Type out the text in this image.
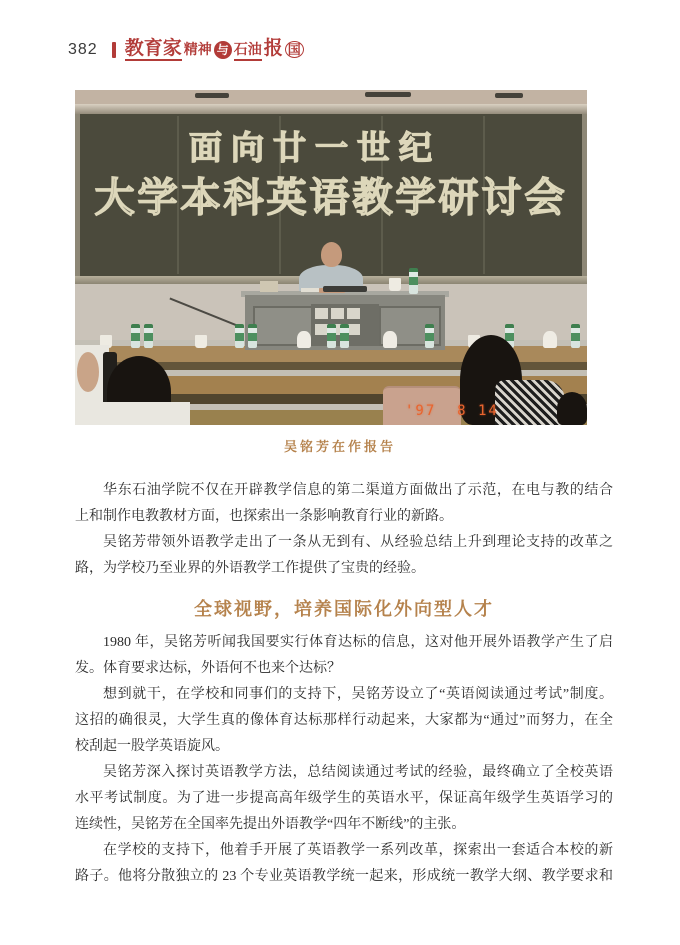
382 教育家 精神 与 石油 报 国
面向廿一世纪
大学本科英语教学研讨会
'97  8 14
吴铭芳在作报告
华东石油学院不仅在开辟教学信息的第二渠道方面做出了示范，在电与教的结合
上和制作电教教材方面，也探索出一条影响教育行业的新路。
吴铭芳带领外语教学走出了一条从无到有、从经验总结上升到理论支持的改革之
路，为学校乃至业界的外语教学工作提供了宝贵的经验。
全球视野，培养国际化外向型人才
1980 年，吴铭芳听闻我国要实行体育达标的信息，这对他开展外语教学产生了启
发。体育要求达标，外语何不也来个达标？
想到就干，在学校和同事们的支持下，吴铭芳设立了“英语阅读通过考试”制度。
这招的确很灵，大学生真的像体育达标那样行动起来，大家都为“通过”而努力，在全
校刮起一股学英语旋风。
吴铭芳深入探讨英语教学方法，总结阅读通过考试的经验，最终确立了全校英语
水平考试制度。为了进一步提高高年级学生的英语水平，保证高年级学生英语学习的
连续性，吴铭芳在全国率先提出外语教学“四年不断线”的主张。
在学校的支持下，他着手开展了英语教学一系列改革，探索出一套适合本校的新
路子。他将分散独立的 23 个专业英语教学统一起来，形成统一教学大纲、教学要求和
